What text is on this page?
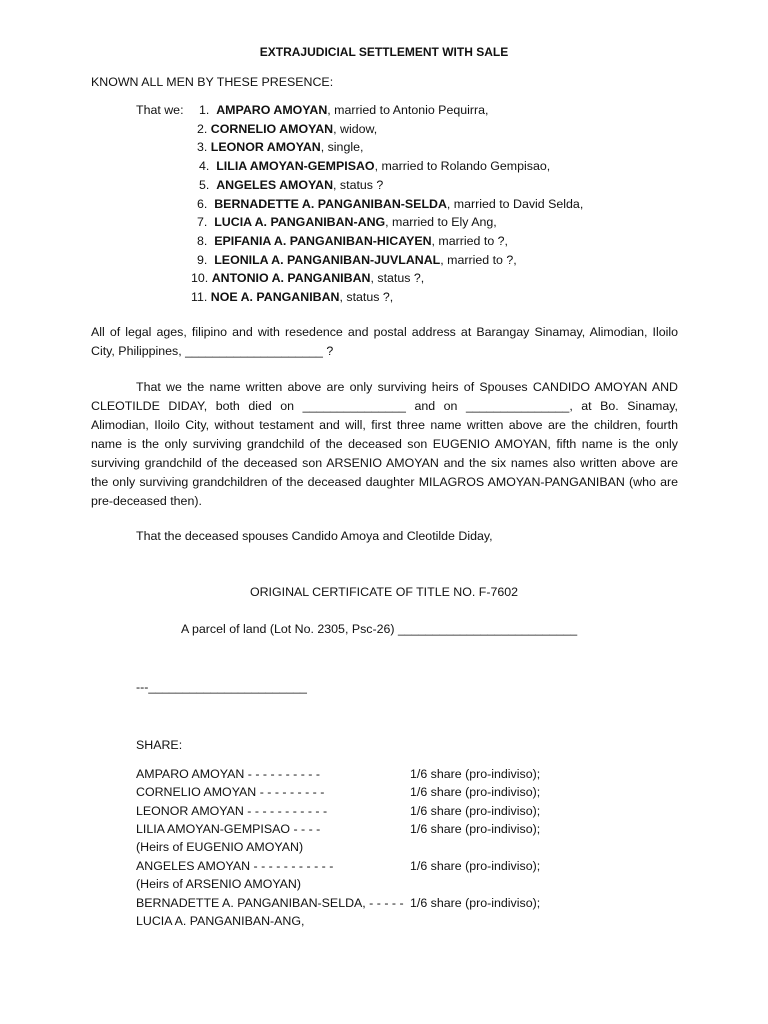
EXTRAJUDICIAL SETTLEMENT WITH SALE
KNOWN ALL MEN BY THESE PRESENCE:
That we: 1. AMPARO AMOYAN, married to Antonio Pequirra,
2. CORNELIO AMOYAN, widow,
3. LEONOR AMOYAN, single,
4. LILIA AMOYAN-GEMPISAO, married to Rolando Gempisao,
5. ANGELES AMOYAN, status ?
6. BERNADETTE A. PANGANIBAN-SELDA, married to David Selda,
7. LUCIA A. PANGANIBAN-ANG, married to Ely Ang,
8. EPIFANIA A. PANGANIBAN-HICAYEN, married to ?,
9. LEONILA A. PANGANIBAN-JUVLANAL, married to ?,
10. ANTONIO A. PANGANIBAN, status ?,
11. NOE A. PANGANIBAN, status ?,
All of legal ages, filipino and with resedence and postal address at Barangay Sinamay, Alimodian, Iloilo City, Philippines, ____________________ ?
That we the name written above are only surviving heirs of Spouses CANDIDO AMOYAN AND CLEOTILDE DIDAY, both died on _______________ and on _______________, at Bo. Sinamay, Alimodian, Iloilo City, without testament and will, first three name written above are the children, fourth name is the only surviving grandchild of the deceased son EUGENIO AMOYAN, fifth name is the only surviving grandchild of the deceased son ARSENIO AMOYAN and the six names also written above are the only surviving grandchildren of the deceased daughter MILAGROS AMOYAN-PANGANIBAN (who are pre-deceased then).
That the deceased spouses Candido Amoya and Cleotilde Diday,
ORIGINAL CERTIFICATE OF TITLE NO. F-7602
A parcel of land (Lot No. 2305, Psc-26) __________________________
---_______________________
SHARE:
AMPARO AMOYAN - - - - - - - - - -	1/6 share (pro-indiviso);
CORNELIO AMOYAN - - - - - - - - -	1/6 share (pro-indiviso);
LEONOR AMOYAN - - - - - - - - - - -	1/6 share (pro-indiviso);
LILIA AMOYAN-GEMPISAO - - - -	1/6 share (pro-indiviso);
(Heirs of EUGENIO AMOYAN)
ANGELES AMOYAN - - - - - - - - - - -	1/6 share (pro-indiviso);
(Heirs of ARSENIO AMOYAN)
BERNADETTE A. PANGANIBAN-SELDA, - - - - - 1/6 share (pro-indiviso);
LUCIA A. PANGANIBAN-ANG,
